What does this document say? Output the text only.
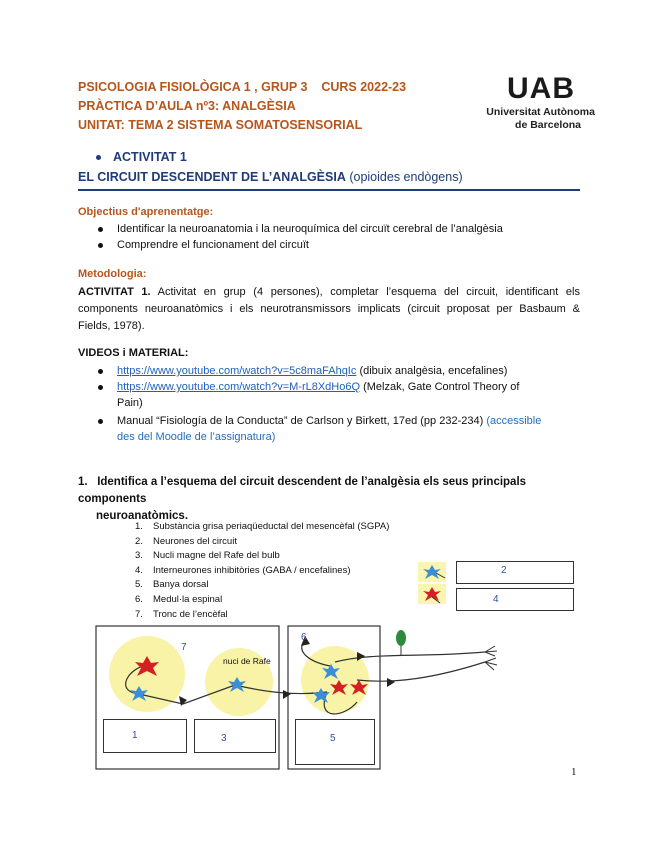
PSICOLOGIA FISIOLÒGICA 1 , GRUP 3    CURS 2022-23
PRÀCTICA D’AULA nº3: ANALGÈSIA
UNITAT: TEMA 2 SISTEMA SOMATOSENSORIAL
UAB
Universitat Autònoma
de Barcelona
ACTIVITAT 1
EL CIRCUIT DESCENDENT DE L’ANALGÈSIA (opioides endògens)
Objectius d'aprenentatge:
Identificar la neuroanatomia i la neuroquímica del circuït cerebral de l’analgèsia
Comprendre el funcionament del circuït
Metodologia:
ACTIVITAT 1. Activitat en grup (4 persones), completar l’esquema del circuit, identificant els
components neuroanatòmics i els neurotransmissors implicats (circuit proposat per Basbaum &
Fields, 1978).
VIDEOS i MATERIAL:
https://www.youtube.com/watch?v=5c8maFAhqIc (dibuix analgèsia, encefalines)
https://www.youtube.com/watch?v=M-rL8XdHo6Q (Melzak, Gate Control Theory of
Pain)
Manual “Fisiología de la Conducta” de Carlson y Birkett, 17ed (pp 232-234) (accessible
des del Moodle de l’assignatura)
1. Identifica a l’esquema del circuit descendent de l’analgèsia els seus principals components
neuroanatòmics.
1. Substància grisa periaqüeductal del mesencèfal (SGPA)
2. Neurones del circuit
3. Nucli magne del Rafe del bulb
4. Interneurones inhibitòries (GABA / encefalines)
5. Banya dorsal
6. Medul·la espinal
7. Tronc de l’encèfal
2
4
7
6
nuci de Rafe
1	3	5
1
